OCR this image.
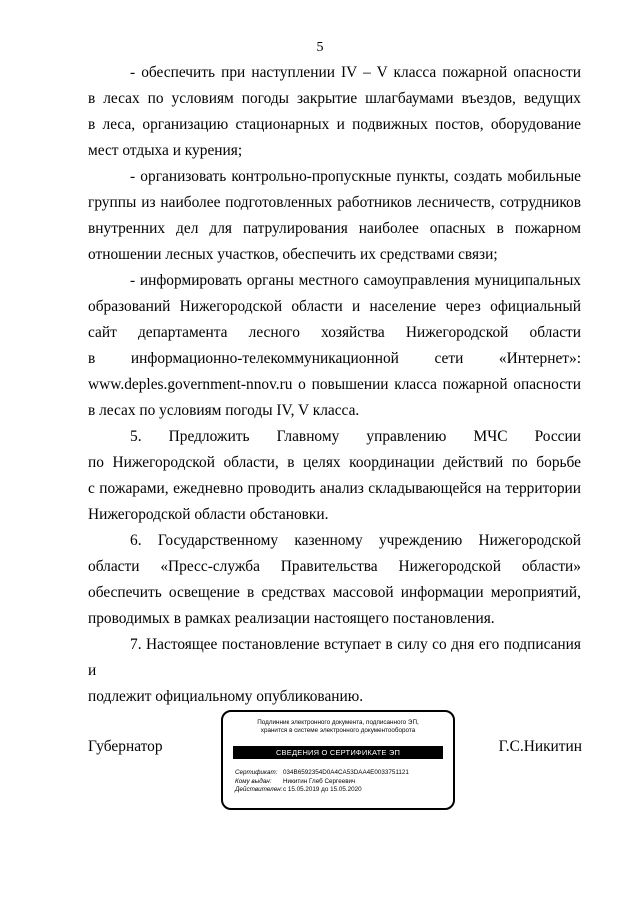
5
- обеспечить при наступлении IV – V класса пожарной опасности
в лесах по условиям погоды закрытие шлагбаумами въездов, ведущих
в леса, организацию стационарных и подвижных постов, оборудование
мест отдыха и курения;
- организовать контрольно-пропускные пункты, создать мобильные
группы из наиболее подготовленных работников лесничеств, сотрудников
внутренних дел для патрулирования наиболее опасных в пожарном
отношении лесных участков, обеспечить их средствами связи;
- информировать органы местного самоуправления муниципальных
образований Нижегородской области и население через официальный
сайт департамента лесного хозяйства Нижегородской области
в информационно-телекоммуникационной сети «Интернет»:
www.deples.government-nnov.ru о повышении класса пожарной опасности
в лесах по условиям погоды IV, V класса.
5. Предложить Главному управлению МЧС России
по Нижегородской области, в целях координации действий по борьбе
с пожарами, ежедневно проводить анализ складывающейся на территории
Нижегородской области обстановки.
6. Государственному казенному учреждению Нижегородской
области «Пресс-служба Правительства Нижегородской области»
обеспечить освещение в средствах массовой информации мероприятий,
проводимых в рамках реализации настоящего постановления.
7. Настоящее постановление вступает в силу со дня его подписания и
подлежит официальному опубликованию.
Губернатор
Подлинник электронного документа, подписанного ЭП,
хранится в системе электронного документооборота
СВЕДЕНИЯ О СЕРТИФИКАТЕ ЭП
Сертификат: 034B6592354D0A4CA53DAA4E0033751121
Кому выдан:	Никитин Глеб Сергеевич
Действителен: с 15.05.2019 до 15.05.2020
Г.С.Никитин
